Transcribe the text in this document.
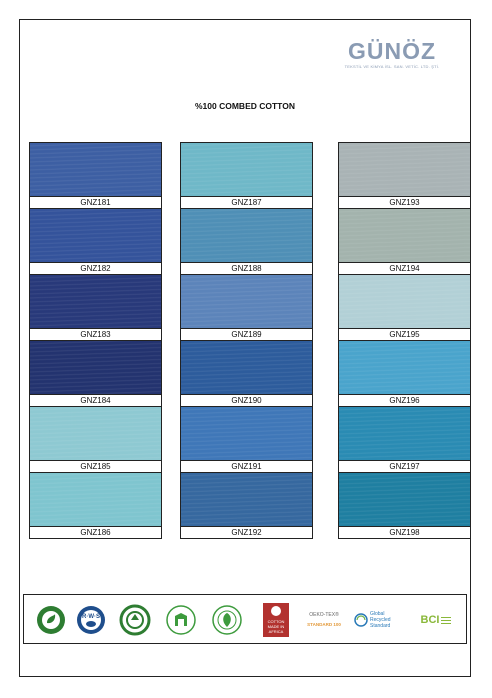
GÜNÖZ
TEKSTİL VE KİMYA İSL. SAN. VETİC. LTD. ŞTİ.
%100 COMBED COTTON
GNZ181	GNZ187	GNZ193
GNZ182	GNZ188	GNZ194
GNZ183	GNZ189	GNZ195
GNZ184	GNZ190	GNZ196
GNZ185	GNZ191	GNZ197
GNZ186	GNZ192	GNZ198
R·W·S
COTTON MADE IN AFRICA
OEKO-TEX®
STANDARD 100
Global Recycled Standard	BCI
